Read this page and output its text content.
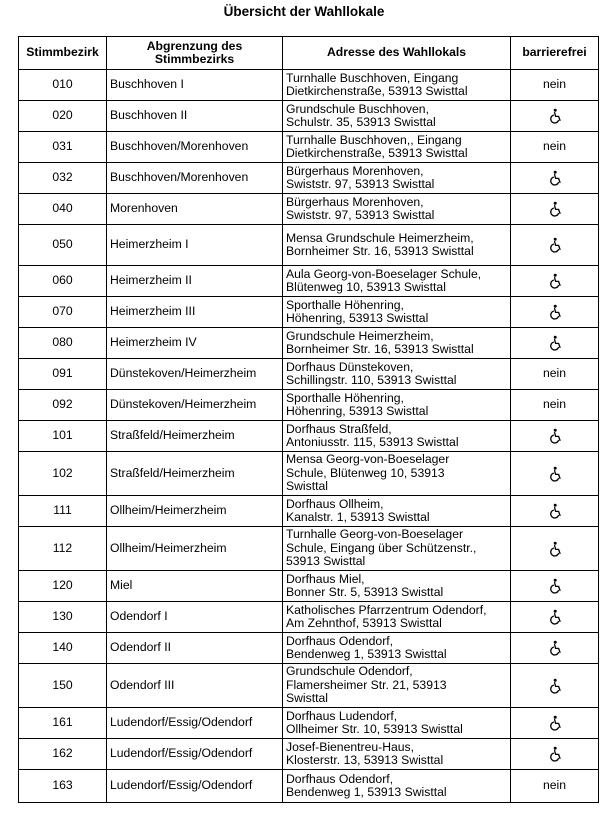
Übersicht der Wahllokale
Stimmbezirk	Abgrenzung des Stimmbezirks	Adresse des Wahllokals	barrierefrei
010	Buschhoven I	Turnhalle Buschhoven, Eingang
Dietkirchenstraße, 53913 Swisttal	nein
020	Buschhoven II	Grundschule Buschhoven,
Schulstr. 35, 53913 Swisttal

031	Buschhoven/Morenhoven	Turnhalle Buschhoven,, Eingang
Dietkirchenstraße, 53913 Swisttal	nein
032	Buschhoven/Morenhoven	Bürgerhaus Morenhoven,
Swiststr. 97, 53913 Swisttal

040	Morenhoven	Bürgerhaus Morenhoven,
Swiststr. 97, 53913 Swisttal

050	Heimerzheim I	Mensa Grundschule Heimerzheim,
Bornheimer Str. 16, 53913 Swisttal

060	Heimerzheim II	Aula Georg-von-Boeselager Schule,
Blütenweg 10, 53913 Swisttal

070	Heimerzheim III	Sporthalle Höhenring,
Höhenring, 53913 Swisttal

080	Heimerzheim IV	Grundschule Heimerzheim,
Bornheimer Str. 16, 53913 Swisttal

091	Dünstekoven/Heimerzheim	Dorfhaus Dünstekoven,
Schillingstr. 110, 53913 Swisttal	nein
092	Dünstekoven/Heimerzheim	Sporthalle Höhenring,
Höhenring, 53913 Swisttal	nein
101	Straßfeld/Heimerzheim	Dorfhaus Straßfeld,
Antoniusstr. 115, 53913 Swisttal

102	Straßfeld/Heimerzheim	Mensa Georg-von-Boeselager
Schule, Blütenweg 10, 53913
Swisttal

111	Ollheim/Heimerzheim	Dorfhaus Ollheim,
Kanalstr. 1, 53913 Swisttal

112	Ollheim/Heimerzheim	Turnhalle Georg-von-Boeselager
Schule, Eingang über Schützenstr.,
53913 Swisttal

120	Miel	Dorfhaus Miel,
Bonner Str. 5, 53913 Swisttal

130	Odendorf I	Katholisches Pfarrzentrum Odendorf,
Am Zehnthof, 53913 Swisttal

140	Odendorf II	Dorfhaus Odendorf,
Bendenweg 1, 53913 Swisttal

150	Odendorf III	Grundschule Odendorf,
Flamersheimer Str. 21, 53913
Swisttal

161	Ludendorf/Essig/Odendorf	Dorfhaus Ludendorf,
Ollheimer Str. 10, 53913 Swisttal

162	Ludendorf/Essig/Odendorf	Josef-Bienentreu-Haus,
Klosterstr. 13, 53913 Swisttal

163	Ludendorf/Essig/Odendorf	Dorfhaus Odendorf,
Bendenweg 1, 53913 Swisttal	nein
